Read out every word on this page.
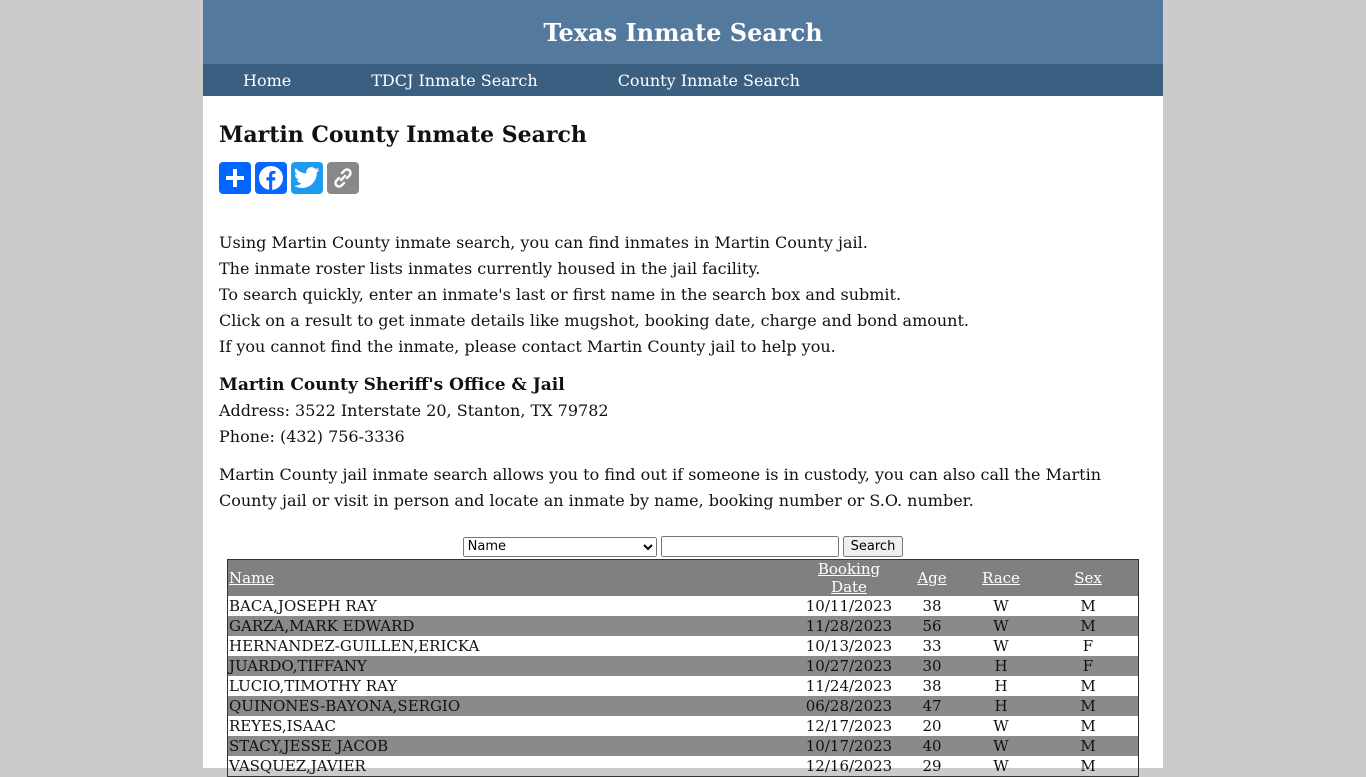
Texas Inmate Search
Home	TDCJ Inmate Search	County Inmate Search
Martin County Inmate Search

Using Martin County inmate search, you can find inmates in Martin County jail.

The inmate roster lists inmates currently housed in the jail facility.

To search quickly, enter an inmate's last or first name in the search box and submit.

Click on a result to get inmate details like mugshot, booking date, charge and bond amount.

If you cannot find the inmate, please contact Martin County jail to help you.

Martin County Sheriff's Office & Jail
Address: 3522 Interstate 20, Stanton, TX 79782
Phone: (432) 756-3336
Martin County jail inmate search allows you to find out if someone is in custody, you can also call the Martin County jail or visit in person and locate an inmate by name, booking number or S.O. number.
Name
Search
Name	Booking Date	Age	Race	Sex
BACA,JOSEPH RAY	10/11/2023	38	W	M
GARZA,MARK EDWARD	11/28/2023	56	W	M
HERNANDEZ-GUILLEN,ERICKA	10/13/2023	33	W	F
JUARDO,TIFFANY	10/27/2023	30	H	F
LUCIO,TIMOTHY RAY	11/24/2023	38	H	M
QUINONES-BAYONA,SERGIO	06/28/2023	47	H	M
REYES,ISAAC	12/17/2023	20	W	M
STACY,JESSE JACOB	10/17/2023	40	W	M
VASQUEZ,JAVIER	12/16/2023	29	W	M
